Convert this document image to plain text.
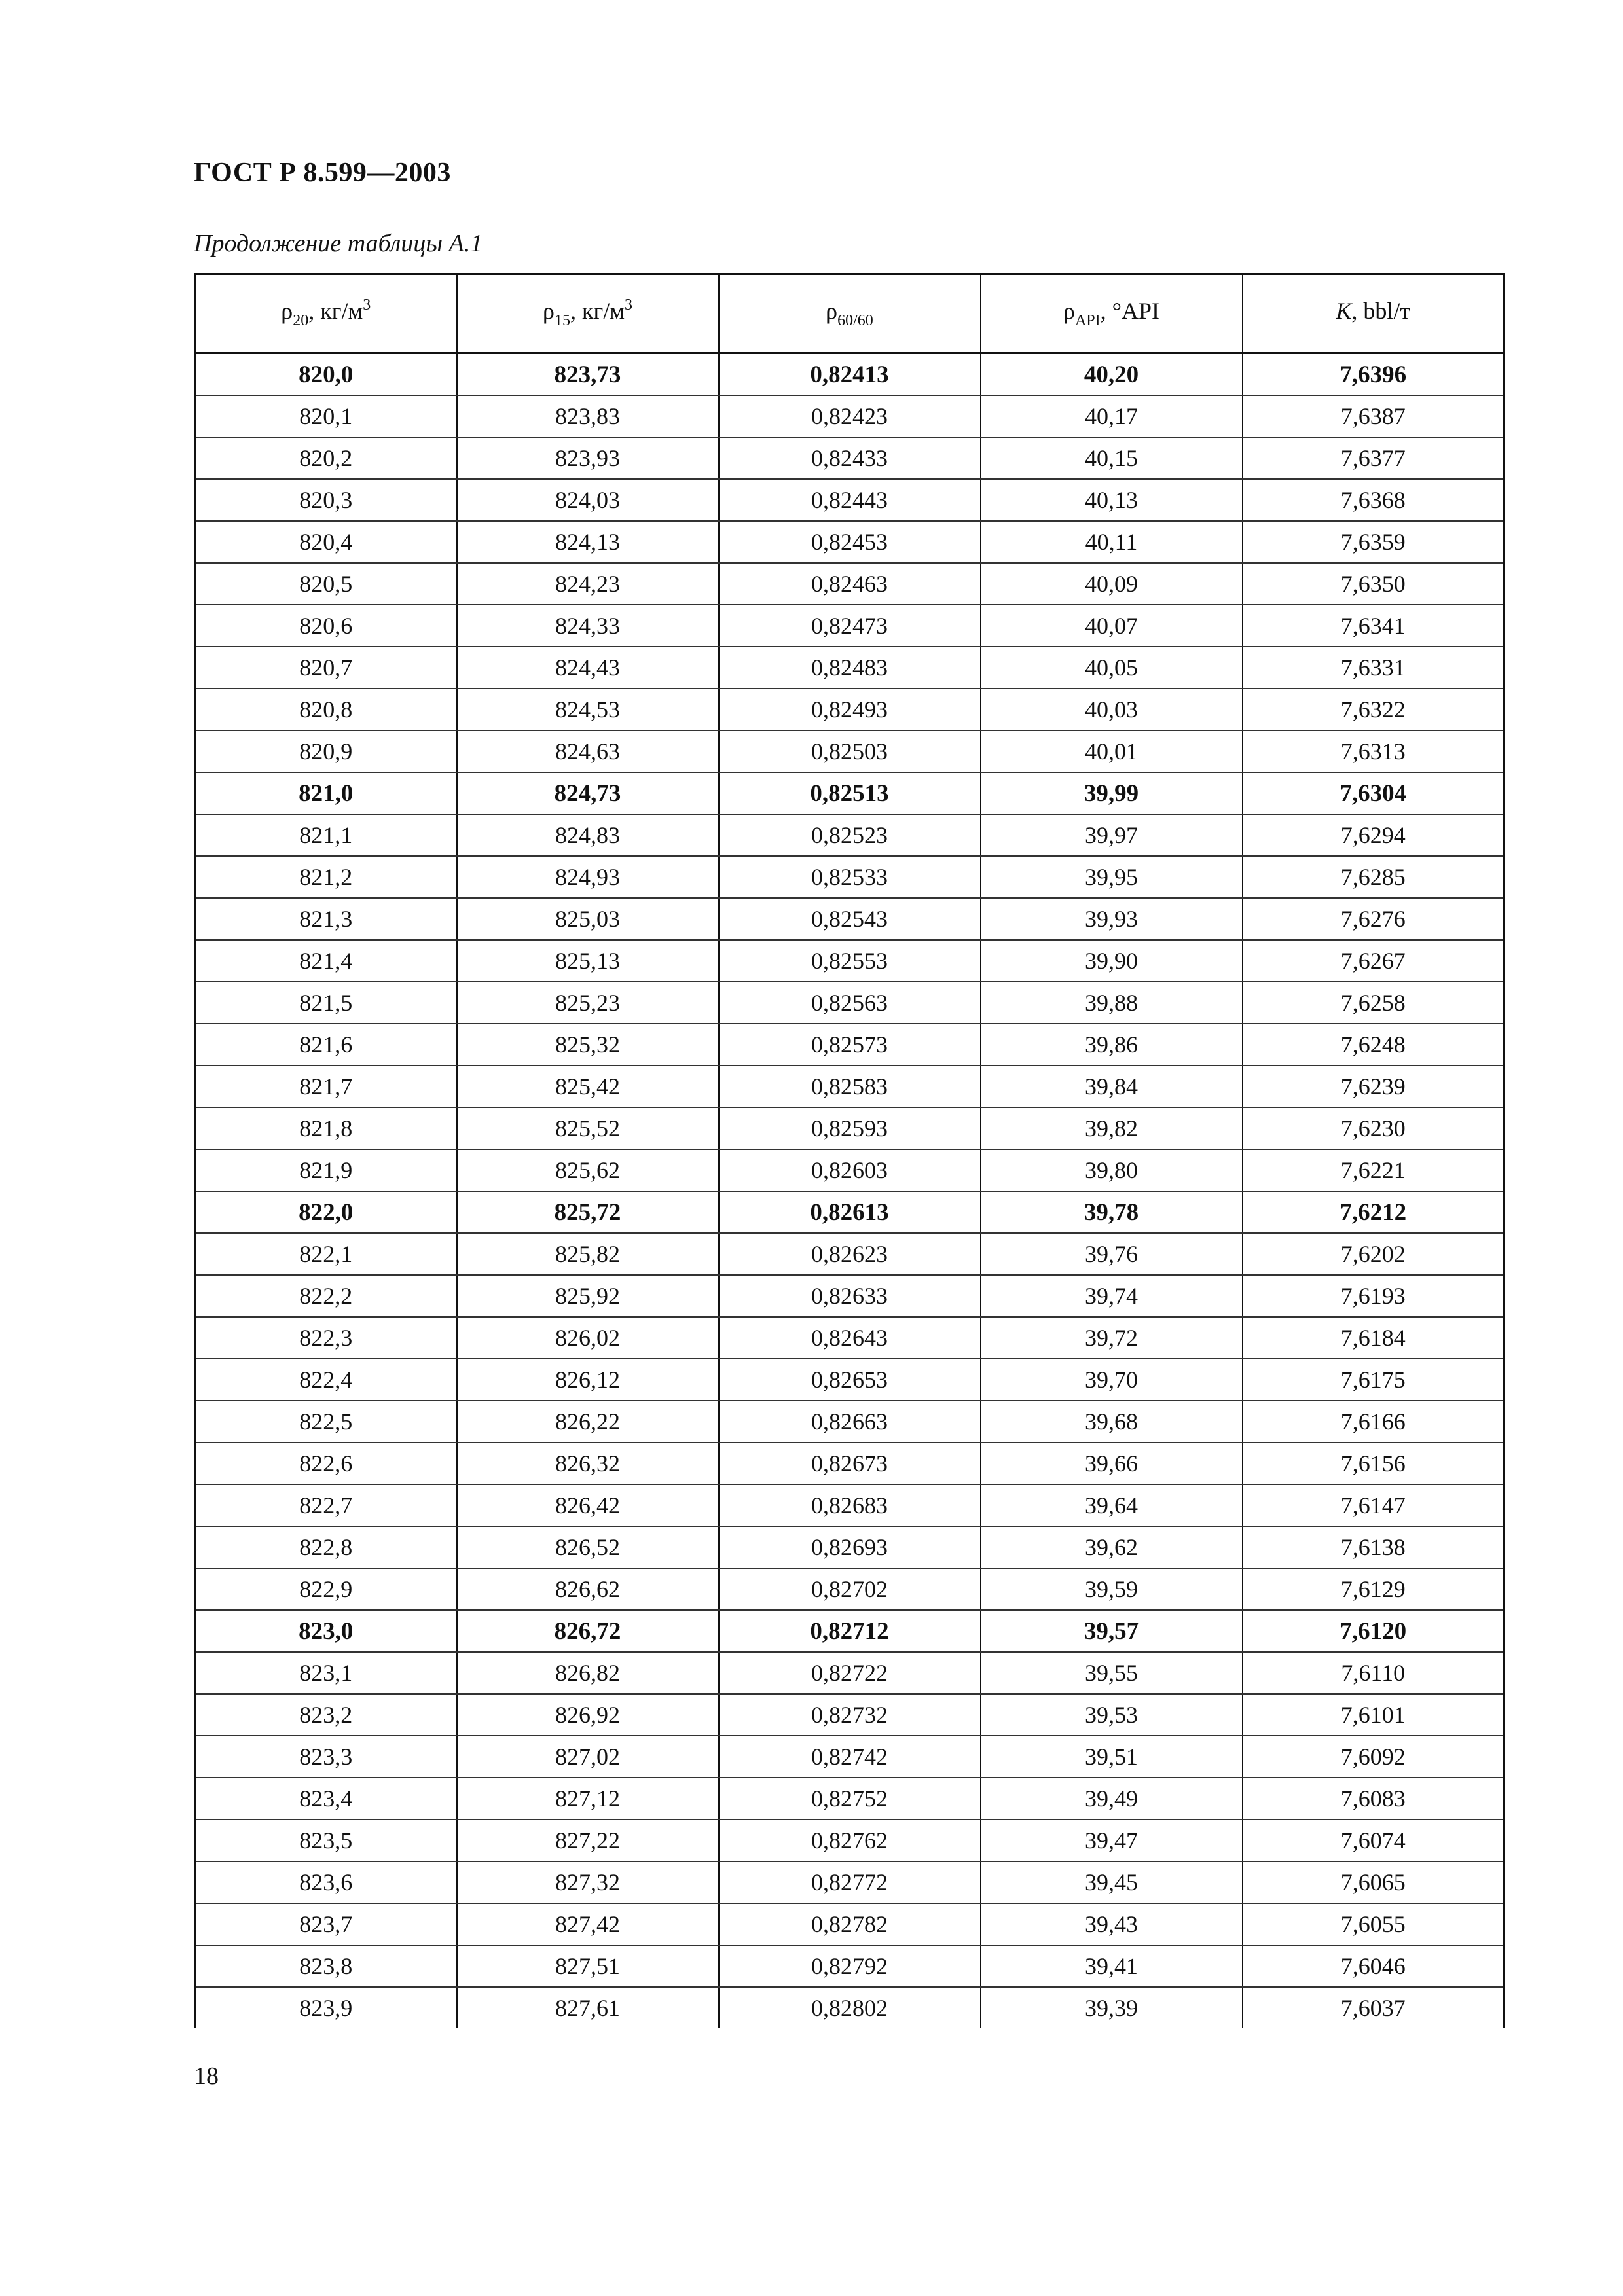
ГОСТ Р 8.599—2003
Продолжение таблицы А.1
$\rho_{20}$, $кг/м^3$	$\rho_{15}$, $кг/м^3$	$\rho_{60/60}$	$\rho_{API}$, °API	K, bbl/т
820,0	823,73	0,82413	40,20	7,6396
820,1	823,83	0,82423	40,17	7,6387
820,2	823,93	0,82433	40,15	7,6377
820,3	824,03	0,82443	40,13	7,6368
820,4	824,13	0,82453	40,11	7,6359
820,5	824,23	0,82463	40,09	7,6350
820,6	824,33	0,82473	40,07	7,6341
820,7	824,43	0,82483	40,05	7,6331
820,8	824,53	0,82493	40,03	7,6322
820,9	824,63	0,82503	40,01	7,6313
821,0	824,73	0,82513	39,99	7,6304
821,1	824,83	0,82523	39,97	7,6294
821,2	824,93	0,82533	39,95	7,6285
821,3	825,03	0,82543	39,93	7,6276
821,4	825,13	0,82553	39,90	7,6267
821,5	825,23	0,82563	39,88	7,6258
821,6	825,32	0,82573	39,86	7,6248
821,7	825,42	0,82583	39,84	7,6239
821,8	825,52	0,82593	39,82	7,6230
821,9	825,62	0,82603	39,80	7,6221
822,0	825,72	0,82613	39,78	7,6212
822,1	825,82	0,82623	39,76	7,6202
822,2	825,92	0,82633	39,74	7,6193
822,3	826,02	0,82643	39,72	7,6184
822,4	826,12	0,82653	39,70	7,6175
822,5	826,22	0,82663	39,68	7,6166
822,6	826,32	0,82673	39,66	7,6156
822,7	826,42	0,82683	39,64	7,6147
822,8	826,52	0,82693	39,62	7,6138
822,9	826,62	0,82702	39,59	7,6129
823,0	826,72	0,82712	39,57	7,6120
823,1	826,82	0,82722	39,55	7,6110
823,2	826,92	0,82732	39,53	7,6101
823,3	827,02	0,82742	39,51	7,6092
823,4	827,12	0,82752	39,49	7,6083
823,5	827,22	0,82762	39,47	7,6074
823,6	827,32	0,82772	39,45	7,6065
823,7	827,42	0,82782	39,43	7,6055
823,8	827,51	0,82792	39,41	7,6046
823,9	827,61	0,82802	39,39	7,6037
18
